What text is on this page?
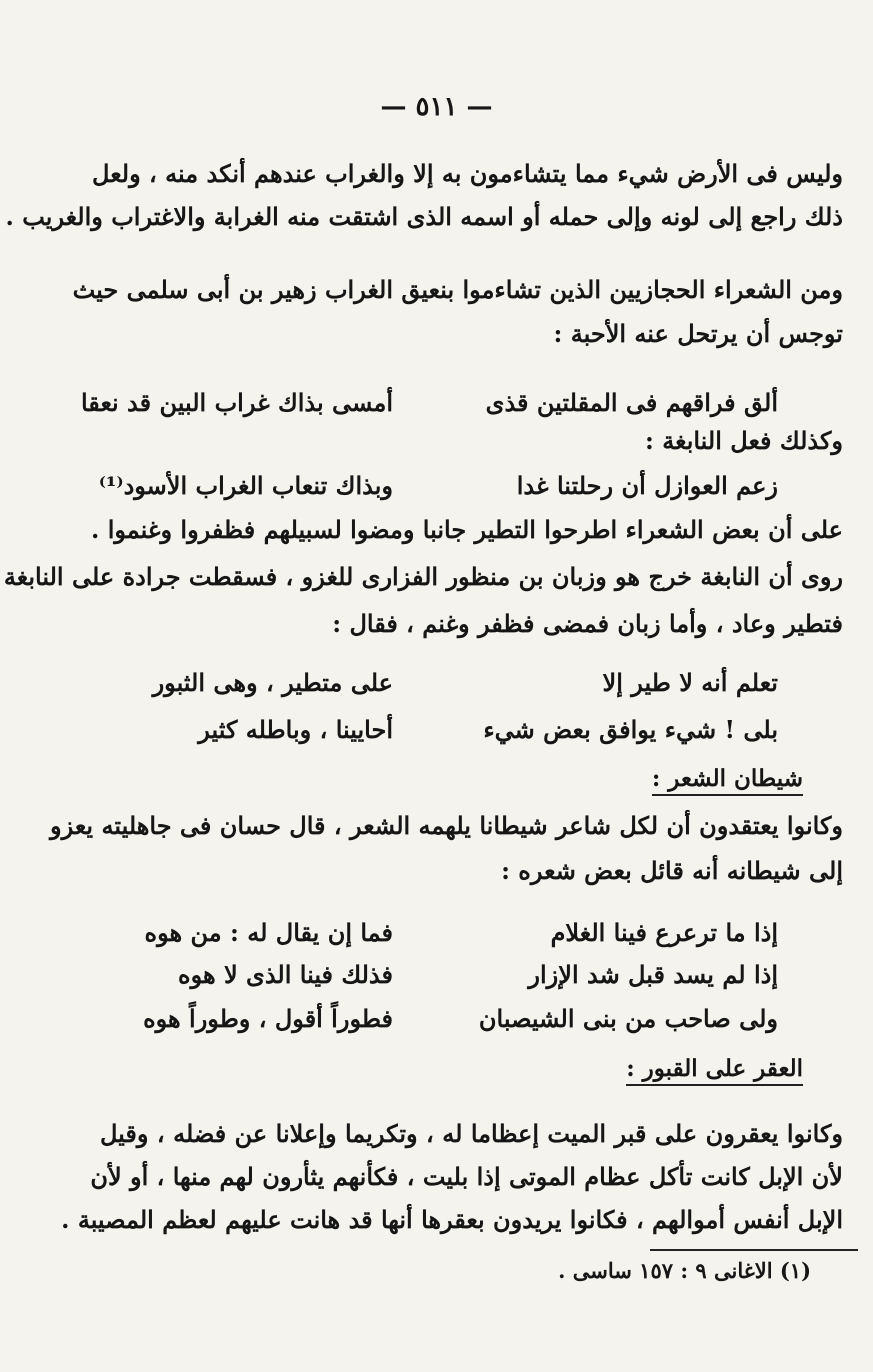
— ٥١١ —
وليس فى الأرض شيء مما يتشاءمون به إلا والغراب عندهم أنكد منه ، ولعل
ذلك راجع إلى لونه وإلى حمله أو اسمه الذى اشتقت منه الغرابة والاغتراب والغريب .
ومن الشعراء الحجازيين الذين تشاءموا بنعيق الغراب زهير بن أبى سلمى حيث
توجس أن يرتحل عنه الأحبة :
ألق فراقهم فى المقلتين قذى
أمسى بذاك غراب البين قد نعقا
وكذلك فعل النابغة :
زعم العوازل أن رحلتنا غدا
وبذاك تنعاب الغراب الأسود⁽¹⁾
على أن بعض الشعراء اطرحوا التطير جانبا ومضوا لسبيلهم فظفروا وغنموا .
روى أن النابغة خرج هو وزبان بن منظور الفزارى للغزو ، فسقطت جرادة على النابغة
فتطير وعاد ، وأما زبان فمضى فظفر وغنم ، فقال :
تعلم أنه لا طير إلا
على متطير ، وهى الثبور
بلى ! شيء يوافق بعض شيء
أحايينا ، وباطله كثير
شيطان الشعر :
وكانوا يعتقدون أن لكل شاعر شيطانا يلهمه الشعر ، قال حسان فى جاهليته يعزو
إلى شيطانه أنه قائل بعض شعره :
إذا ما ترعرع فينا الغلام
فما إن يقال له : من هوه
إذا لم يسد قبل شد الإزار
فذلك فينا الذى لا هوه
ولى صاحب من بنى الشيصبان
فطوراً أقول ، وطوراً هوه
العقر على القبور :
وكانوا يعقرون على قبر الميت إعظاما له ، وتكريما وإعلانا عن فضله ، وقيل
لأن الإبل كانت تأكل عظام الموتى إذا بليت ، فكأنهم يثأرون لهم منها ، أو لأن
الإبل أنفس أموالهم ، فكانوا يريدون بعقرها أنها قد هانت عليهم لعظم المصيبة .
(١) الاغانى ٩ : ١٥٧ ساسى .
